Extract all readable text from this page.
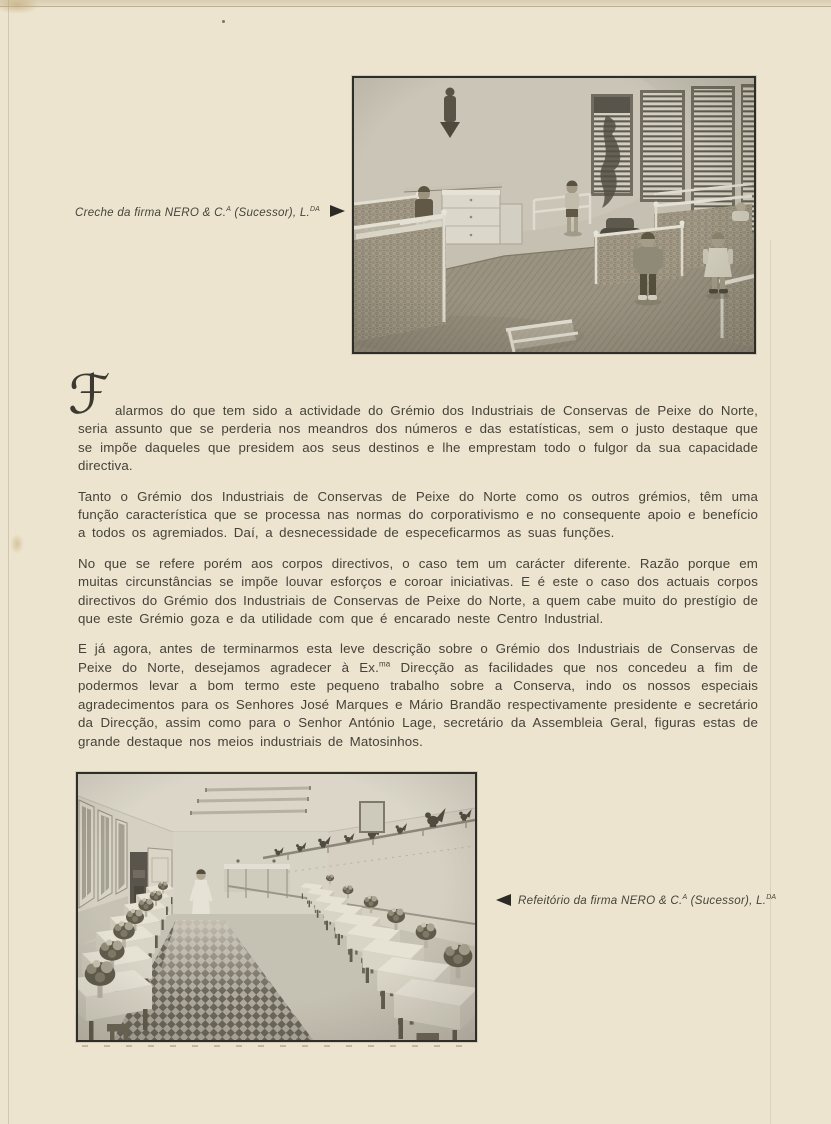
Creche da firma NERO & C.$^A$ (Sucessor), L.$^{DA}$
ℱ alarmos do que tem sido a actividade do Grémio dos Industriais de Conservas de Peixe do Norte, seria assunto que se perderia nos meandros dos números e das estatísticas, sem o justo destaque que se impõe daqueles que presidem aos seus destinos e lhe emprestam todo o fulgor da sua capacidade directiva.

Tanto o Grémio dos Industriais de Conservas de Peixe do Norte como os outros grémios, têm uma função característica que se processa nas normas do corporativismo e no consequente apoio e benefício a todos os agremiados. Daí, a desnecessidade de especeficarmos as suas funções.

No que se refere porém aos corpos directivos, o caso tem um carácter diferente. Razão porque em muitas circunstâncias se impõe louvar esforços e coroar iniciativas. E é este o caso dos actuais corpos directivos do Grémio dos Industriais de Conservas de Peixe do Norte, a quem cabe muito do prestígio de que este Grémio goza e da utilidade com que é encarado neste Centro Industrial.

E já agora, antes de terminarmos esta leve descrição sobre o Grémio dos Industriais de Conservas de Peixe do Norte, desejamos agradecer à Ex.$^{ma}$ Direcção as facilidades que nos concedeu a fim de podermos levar a bom termo este pequeno trabalho sobre a Conserva, indo os nossos especiais agradecimentos para os Senhores José Marques e Mário Brandão respectivamente presidente e secretário da Direcção, assim como para o Senhor António Lage, secretário da Assembleia Geral, figuras estas de grande destaque nos meios industriais de Matosinhos.

Refeitório da firma NERO & C.$^A$ (Sucessor), L.$^{DA}$
